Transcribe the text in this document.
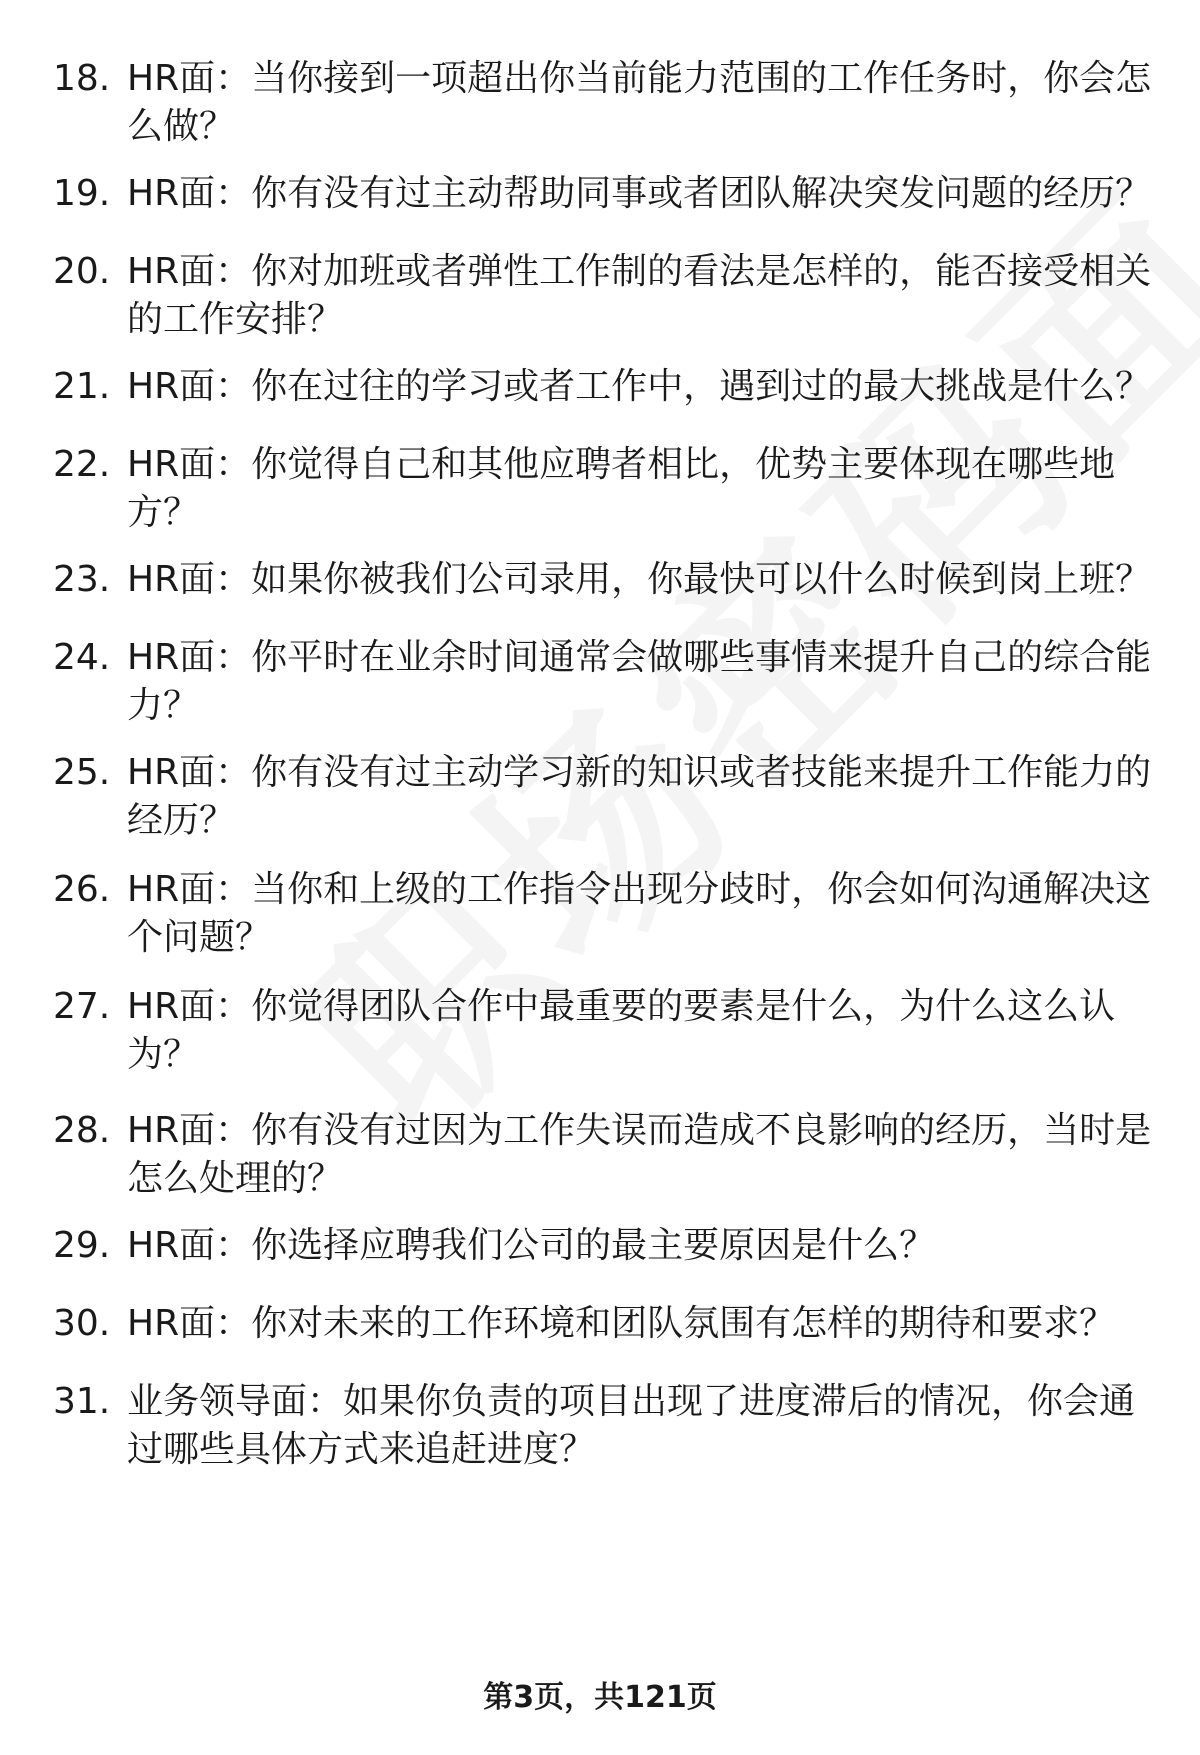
18. HR面：当你接到一项超出你当前能力范围的工作任务时，你会怎么做？
19. HR面：你有没有过主动帮助同事或者团队解决突发问题的经历？
20. HR面：你对加班或者弹性工作制的看法是怎样的，能否接受相关的工作安排？
21. HR面：你在过往的学习或者工作中，遇到过的最大挑战是什么？
22. HR面：你觉得自己和其他应聘者相比，优势主要体现在哪些地方？
23. HR面：如果你被我们公司录用，你最快可以什么时候到岗上班？
24. HR面：你平时在业余时间通常会做哪些事情来提升自己的综合能力？
25. HR面：你有没有过主动学习新的知识或者技能来提升工作能力的经历？
26. HR面：当你和上级的工作指令出现分歧时，你会如何沟通解决这个问题？
27. HR面：你觉得团队合作中最重要的要素是什么，为什么这么认为？
28. HR面：你有没有过因为工作失误而造成不良影响的经历，当时是怎么处理的？
29. HR面：你选择应聘我们公司的最主要原因是什么？
30. HR面：你对未来的工作环境和团队氛围有怎样的期待和要求？
31. 业务领导面：如果你负责的项目出现了进度滞后的情况，你会通过哪些具体方式来追赶进度？
第3页，共121页
